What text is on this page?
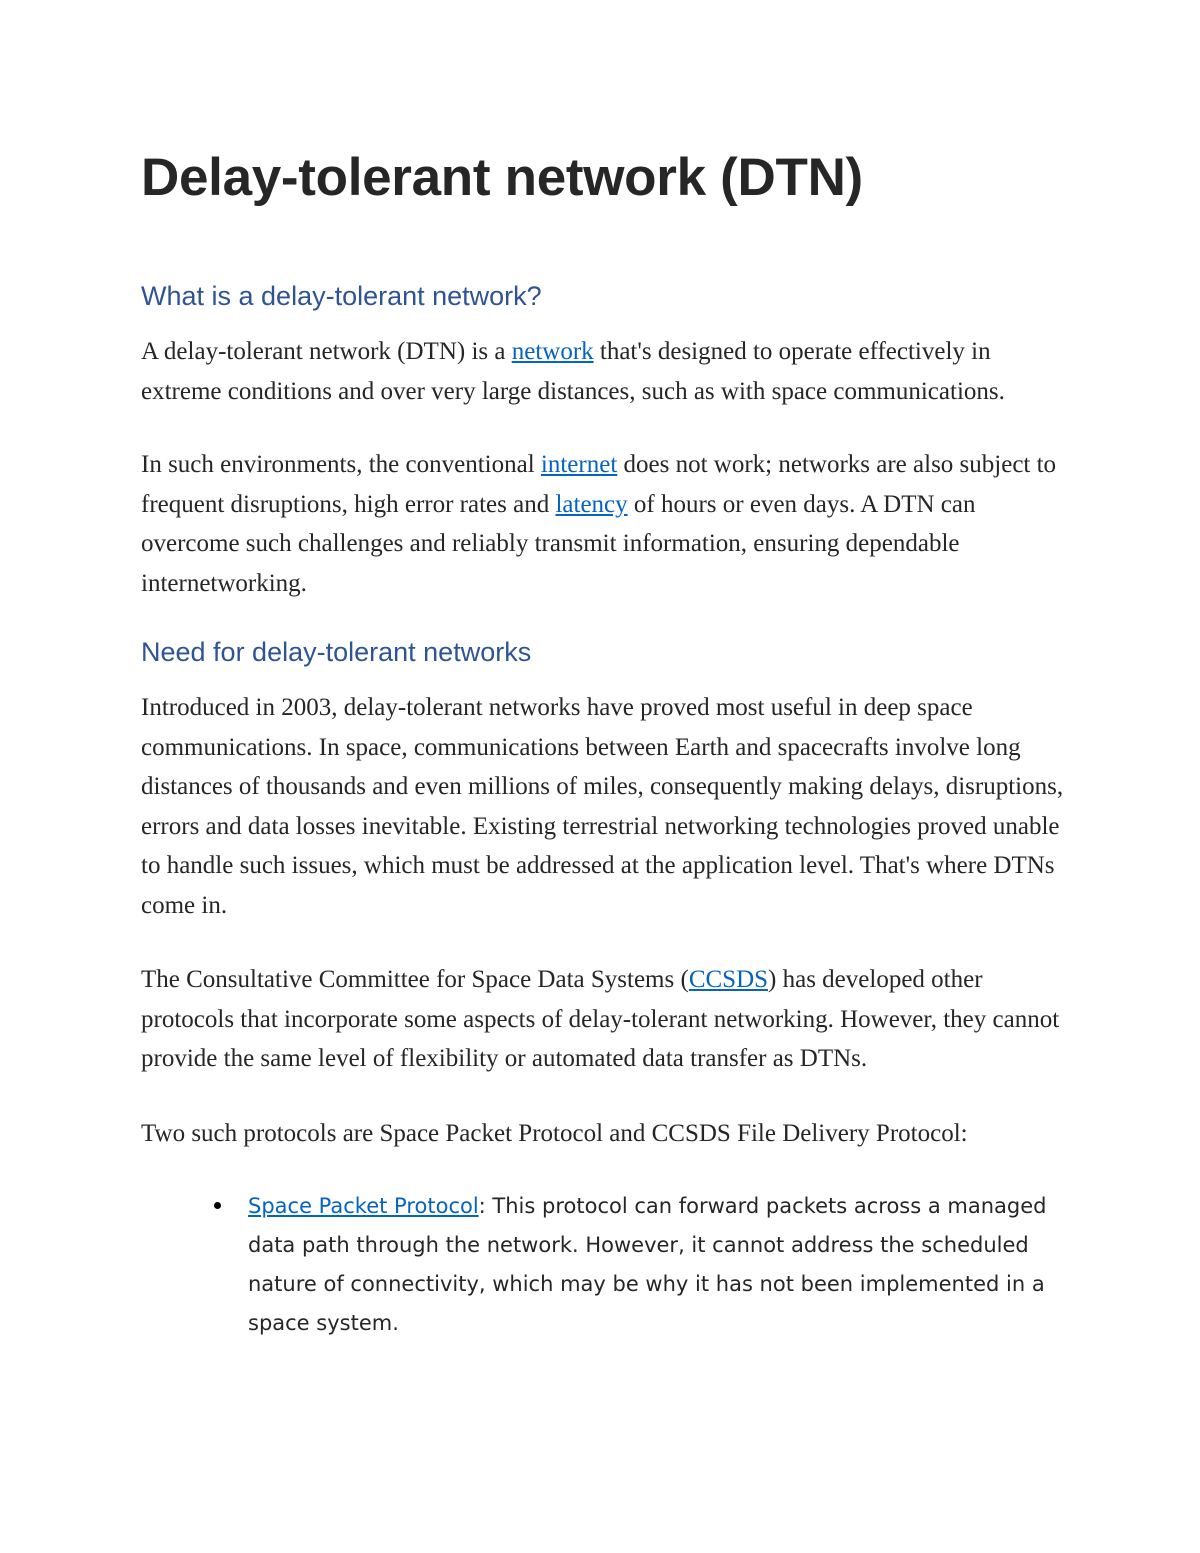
Delay-tolerant network (DTN)
What is a delay-tolerant network?

A delay-tolerant network (DTN) is a network that's designed to operate effectively in extreme conditions and over very large distances, such as with space communications.

In such environments, the conventional internet does not work; networks are also subject to frequent disruptions, high error rates and latency of hours or even days. A DTN can overcome such challenges and reliably transmit information, ensuring dependable internetworking.

Need for delay-tolerant networks

Introduced in 2003, delay-tolerant networks have proved most useful in deep space communications. In space, communications between Earth and spacecrafts involve long distances of thousands and even millions of miles, consequently making delays, disruptions, errors and data losses inevitable. Existing terrestrial networking technologies proved unable to handle such issues, which must be addressed at the application level. That's where DTNs come in.

The Consultative Committee for Space Data Systems (CCSDS) has developed other protocols that incorporate some aspects of delay-tolerant networking. However, they cannot provide the same level of flexibility or automated data transfer as DTNs.

Two such protocols are Space Packet Protocol and CCSDS File Delivery Protocol:

Space Packet Protocol: This protocol can forward packets across a managed data path through the network. However, it cannot address the scheduled nature of connectivity, which may be why it has not been implemented in a space system.
